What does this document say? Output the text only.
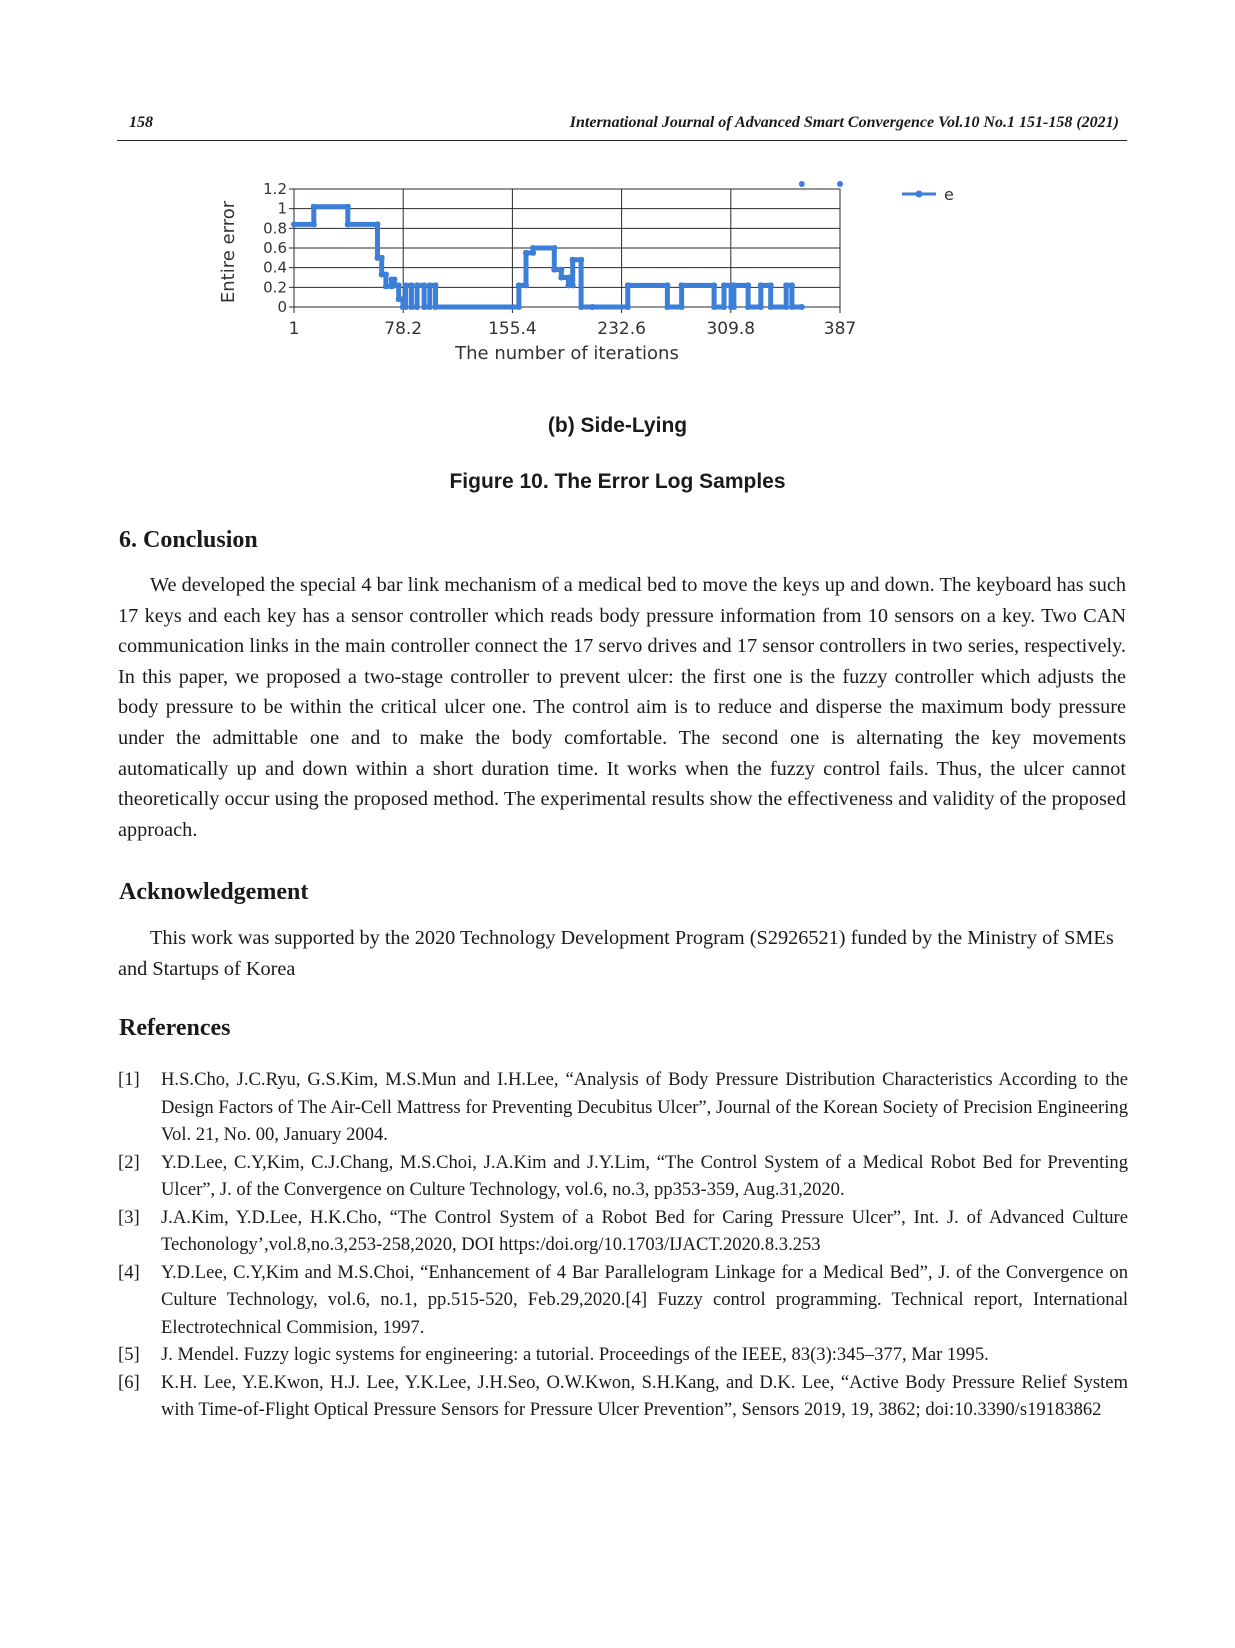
158	International Journal of Advanced Smart Convergence Vol.10 No.1 151-158 (2021)
1.2
1
0.8
0.6
0.4
0.2
0
1	78.2	155.4	232.6	309.8	387
The number of iterations
Entire error
e
(b) Side-Lying
Figure 10. The Error Log Samples
6. Conclusion

We developed the special 4 bar link mechanism of a medical bed to move the keys up and down. The keyboard has such 17 keys and each key has a sensor controller which reads body pressure information from 10 sensors on a key. Two CAN communication links in the main controller connect the 17 servo drives and 17 sensor controllers in two series, respectively. In this paper, we proposed a two-stage controller to prevent ulcer: the first one is the fuzzy controller which adjusts the body pressure to be within the critical ulcer one. The control aim is to reduce and disperse the maximum body pressure under the admittable one and to make the body comfortable. The second one is alternating the key movements automatically up and down within a short duration time. It works when the fuzzy control fails. Thus, the ulcer cannot theoretically occur using the proposed method. The experimental results show the effectiveness and validity of the proposed approach.

Acknowledgement

This work was supported by the 2020 Technology Development Program (S2926521) funded by the Ministry of SMEs and Startups of Korea

References
[1] H.S.Cho, J.C.Ryu, G.S.Kim, M.S.Mun and I.H.Lee, “Analysis of Body Pressure Distribution Characteristics According to the Design Factors of The Air-Cell Mattress for Preventing Decubitus Ulcer”, Journal of the Korean Society of Precision Engineering Vol. 21, No. 00, January 2004.
[2] Y.D.Lee, C.Y,Kim, C.J.Chang, M.S.Choi, J.A.Kim and J.Y.Lim, “The Control System of a Medical Robot Bed for Preventing Ulcer”, J. of the Convergence on Culture Technology, vol.6, no.3, pp353-359, Aug.31,2020.
[3] J.A.Kim, Y.D.Lee, H.K.Cho, “The Control System of a Robot Bed for Caring Pressure Ulcer”, Int. J. of Advanced Culture Techonology’,vol.8,no.3,253-258,2020, DOI https:/doi.org/10.1703/IJACT.2020.8.3.253
[4] Y.D.Lee, C.Y,Kim and M.S.Choi, “Enhancement of 4 Bar Parallelogram Linkage for a Medical Bed”, J. of the Convergence on Culture Technology, vol.6, no.1, pp.515-520, Feb.29,2020.[4] Fuzzy control programming. Technical report, International Electrotechnical Commision, 1997.
[5] J. Mendel. Fuzzy logic systems for engineering: a tutorial. Proceedings of the IEEE, 83(3):345–377, Mar 1995.
[6] K.H. Lee, Y.E.Kwon, H.J. Lee, Y.K.Lee, J.H.Seo, O.W.Kwon, S.H.Kang, and D.K. Lee, “Active Body Pressure Relief System with Time-of-Flight Optical Pressure Sensors for Pressure Ulcer Prevention”, Sensors 2019, 19, 3862; doi:10.3390/s19183862
